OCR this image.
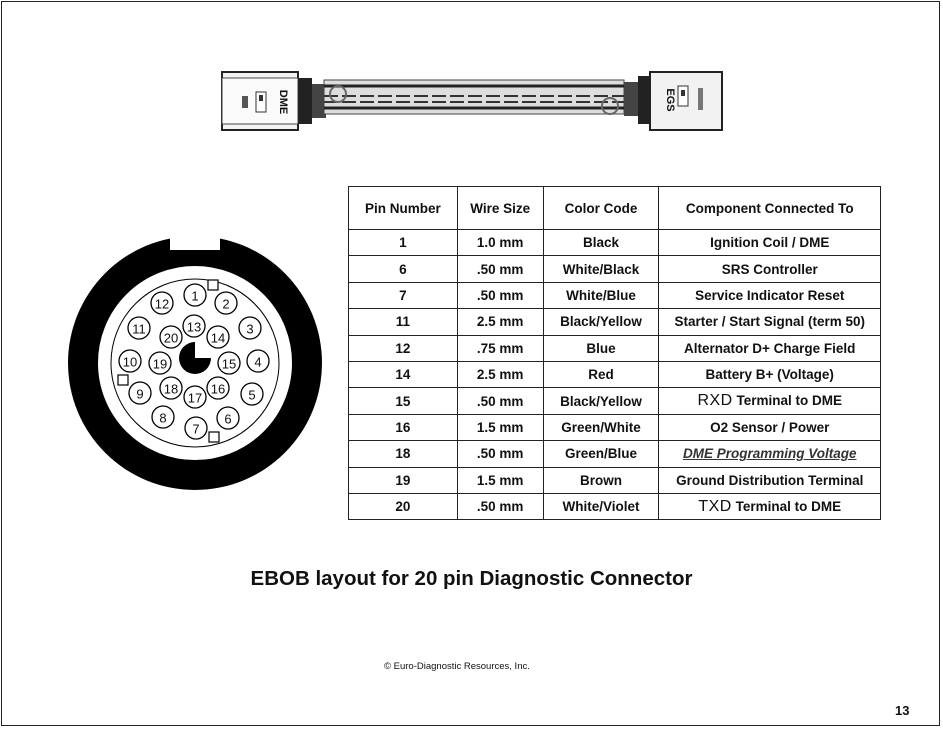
DME	EGS
1
2
3
4
5
6
7
8
9
10
11
12
13
14
15
16
17
18
19
20
Pin Number	Wire Size	Color Code	Component Connected To
1	1.0 mm	Black	Ignition Coil / DME
6	.50 mm	White/Black	SRS Controller
7	.50 mm	White/Blue	Service Indicator Reset
11	2.5 mm	Black/Yellow	Starter / Start Signal (term 50)
12	.75 mm	Blue	Alternator D+ Charge Field
14	2.5 mm	Red	Battery B+ (Voltage)
15	.50 mm	Black/Yellow	RXD Terminal to DME
16	1.5 mm	Green/White	O2 Sensor / Power
18	.50 mm	Green/Blue	DME Programming Voltage
19	1.5 mm	Brown	Ground Distribution Terminal
20	.50 mm	White/Violet	TXD Terminal to DME
EBOB layout for 20 pin Diagnostic Connector
© Euro-Diagnostic Resources, Inc.
13
